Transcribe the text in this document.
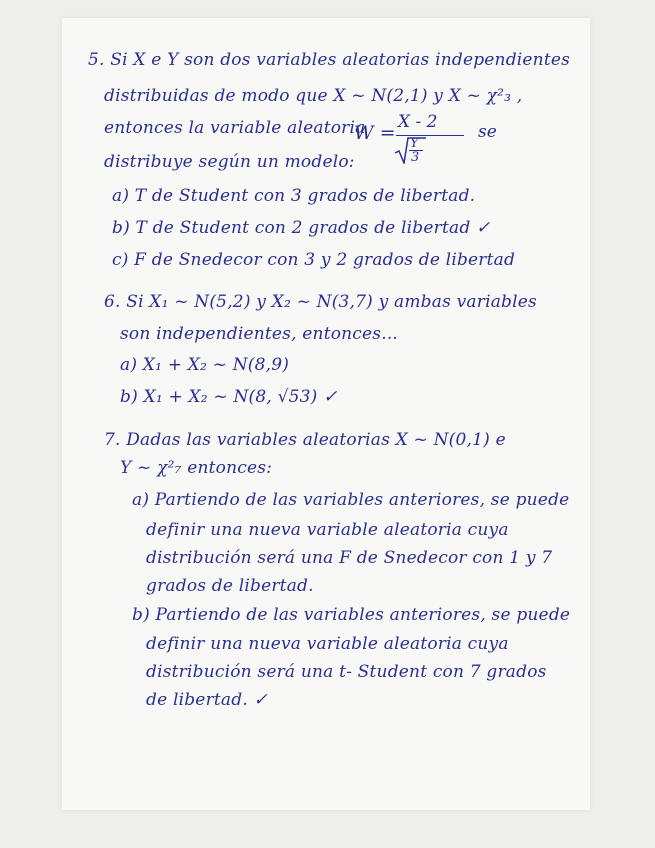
5. Si X e Y son dos variables aleatorias independientes
distribuidas de modo que X ~ N(2,1) y X ~ χ²₃ ,
entonces la variable aleatoria
W = X - 2
Y
3
se
distribuye según un modelo:
a) T de Student con 3 grados de libertad.
b) T de Student con 2 grados de libertad ✓
c) F de Snedecor con 3 y 2 grados de libertad
6. Si X₁ ~ N(5,2) y X₂ ~ N(3,7) y ambas variables
son independientes, entonces...
a) X₁ + X₂ ~ N(8,9)
b) X₁ + X₂ ~ N(8, √53) ✓
7. Dadas las variables aleatorias X ~ N(0,1) e
Y ~ χ²₇ entonces:
a) Partiendo de las variables anteriores, se puede
definir una nueva variable aleatoria cuya
distribución será una F de Snedecor con 1 y 7
grados de libertad.
b) Partiendo de las variables anteriores, se puede
definir una nueva variable aleatoria cuya
distribución será una t- Student con 7 grados
de libertad. ✓
